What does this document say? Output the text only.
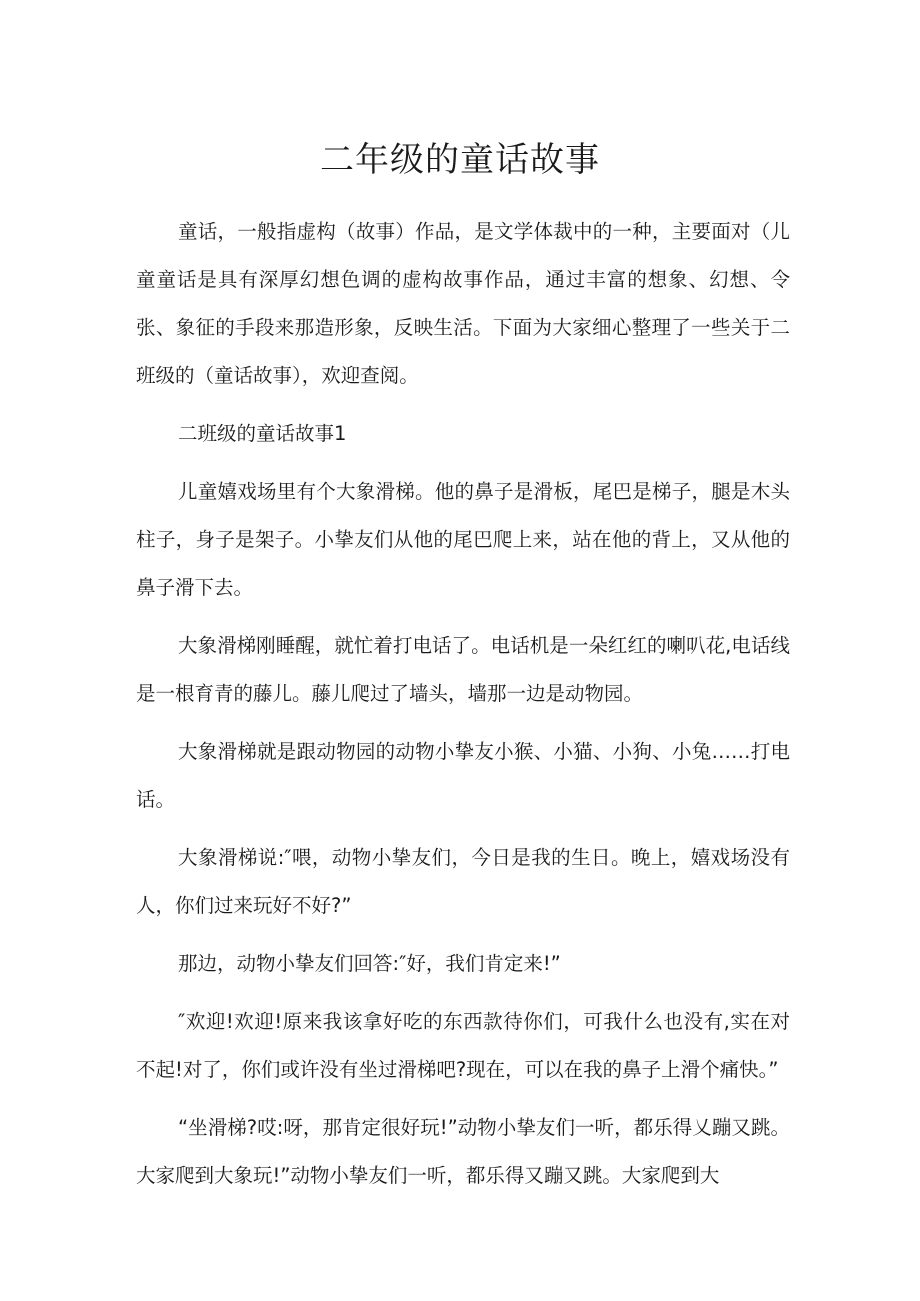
二年级的童话故事

童话，一般指虚构（故事）作品，是文学体裁中的一种，主要面对（儿童童话是具有深厚幻想色调的虚构故事作品，通过丰富的想象、幻想、令张、象征的手段来那造形象，反映生活。下面为大家细心整理了一些关于二班级的（童话故事），欢迎查阅。

二班级的童话故事1

儿童嬉戏场里有个大象滑梯。他的鼻子是滑板，尾巴是梯子，腿是木头柱子，身子是架子。小挚友们从他的尾巴爬上来，站在他的背上，又从他的鼻子滑下去。

大象滑梯刚睡醒，就忙着打电话了。电话机是一朵红红的喇叭花,电话线是一根育青的藤儿。藤儿爬过了墙头，墙那一边是动物园。

大象滑梯就是跟动物园的动物小挚友小猴、小猫、小狗、小兔……打电话。

大象滑梯说:″喂，动物小挚友们，今日是我的生日。晚上，嬉戏场没有人，你们过来玩好不好?”

那边，动物小挚友们回答:″好，我们肯定来!”

″欢迎!欢迎!原来我该拿好吃的东西款待你们，可我什么也没有,实在对不起!对了，你们或许没有坐过滑梯吧?现在，可以在我的鼻子上滑个痛快。”

“坐滑梯?哎:呀，那肯定很好玩!”动物小挚友们一听，都乐得乂蹦又跳。大家爬到大象玩!”动物小挚友们一听，都乐得又蹦又跳。大家爬到大
